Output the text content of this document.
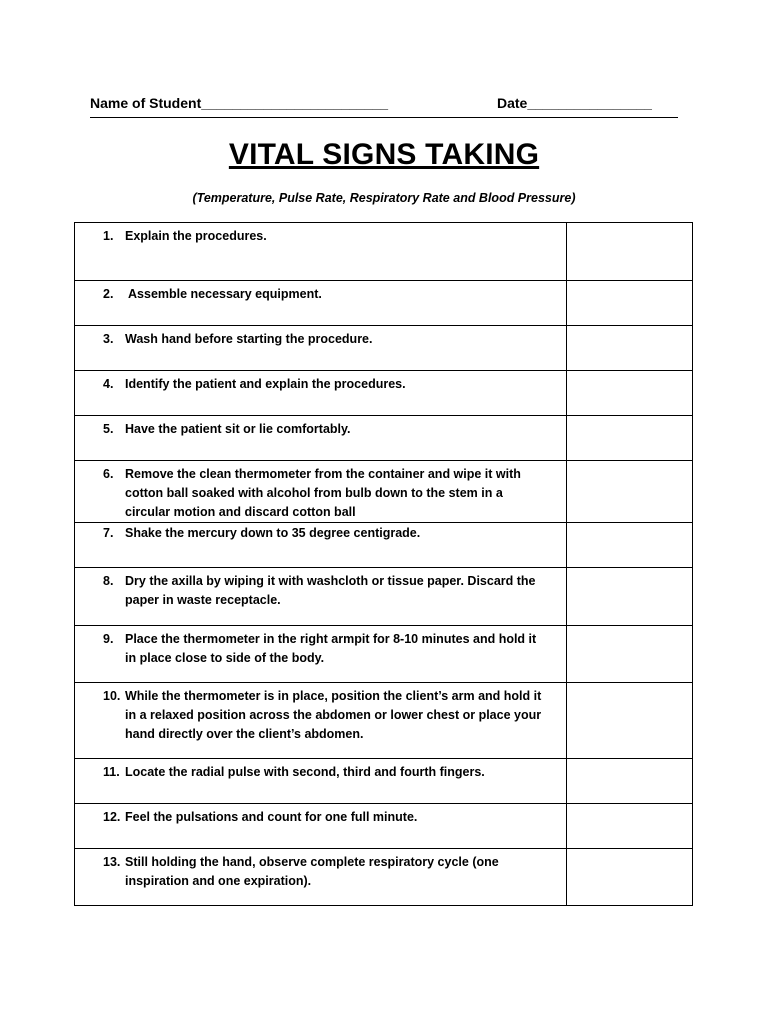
Name of Student________________________	Date________________
VITAL SIGNS TAKING
(Temperature, Pulse Rate, Respiratory Rate and Blood Pressure)
1. Explain the procedures.	

2. Assemble necessary equipment.	

3. Wash hand before starting the procedure.	

4. Identify the patient and explain the procedures.	

5. Have the patient sit or lie comfortably.	

6. Remove the clean thermometer from the container and wipe it with cotton ball soaked with alcohol from bulb down to the stem in a circular motion and discard cotton ball	

7. Shake the mercury down to 35 degree centigrade.	

8. Dry the axilla by wiping it with washcloth or tissue paper. Discard the paper in waste receptacle.	

9. Place the thermometer in the right armpit for 8-10 minutes and hold it in place close to side of the body.	

10. While the thermometer is in place, position the client’s arm and hold it in a relaxed position across the abdomen or lower chest or place your hand directly over the client’s abdomen.	

11. Locate the radial pulse with second, third and fourth fingers.	

12. Feel the pulsations and count for one full minute.	

13. Still holding the hand, observe complete respiratory cycle (one inspiration and one expiration).	
